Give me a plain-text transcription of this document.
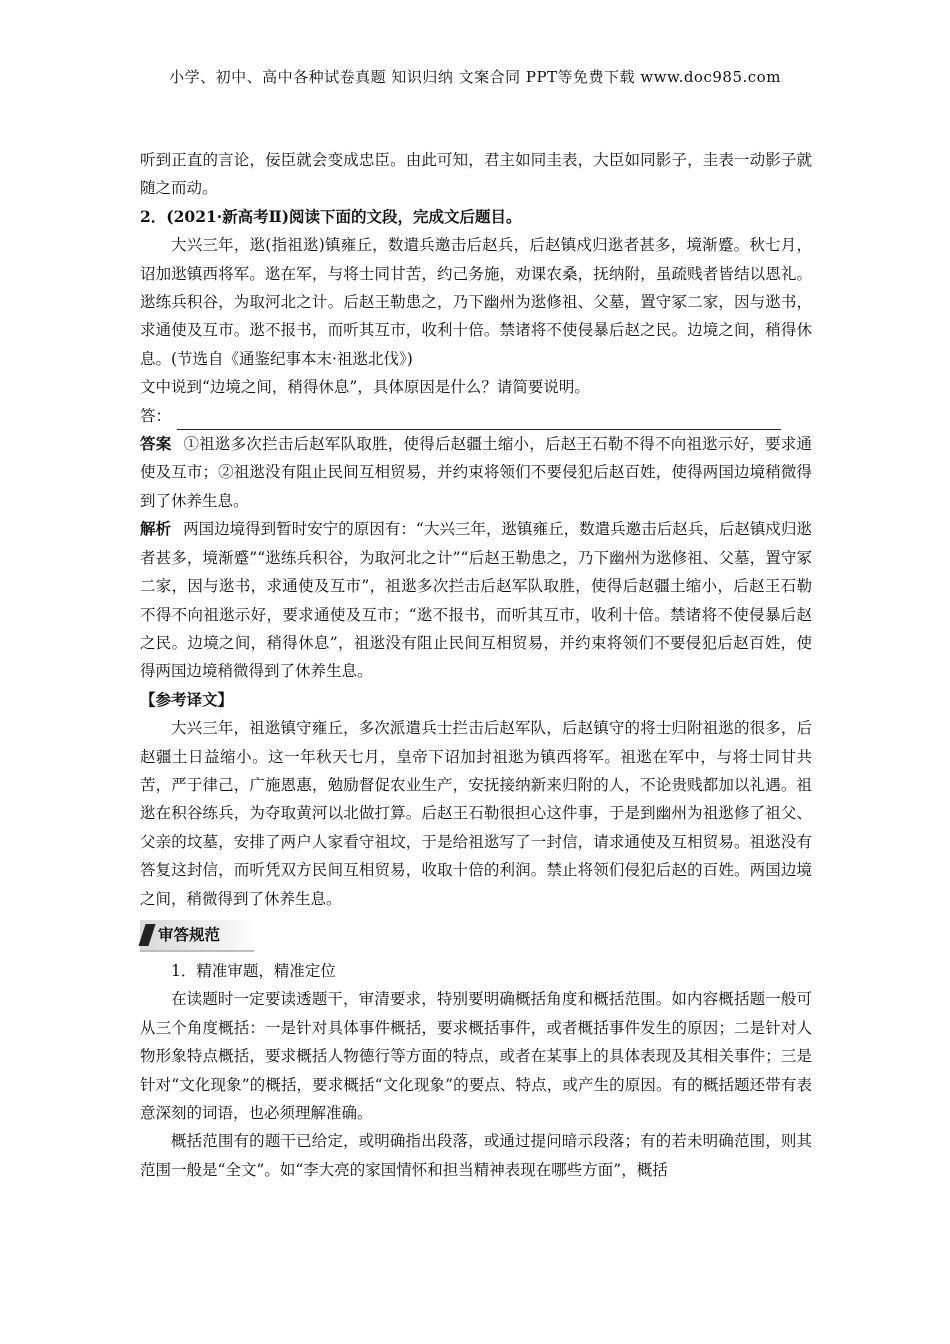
小学、初中、高中各种试卷真题 知识归纳 文案合同 PPT等免费下载 www.doc985.com

听到正直的言论，佞臣就会变成忠臣。由此可知，君主如同圭表，大臣如同影子，圭表一动影子就随之而动。

2．(2021·新高考Ⅱ)阅读下面的文段，完成文后题目。

大兴三年，逖(指祖逖)镇雍丘，数遣兵邀击后赵兵，后赵镇戍归逖者甚多，境渐蹙。秋七月，诏加逖镇西将军。逖在军，与将士同甘苦，约己务施，劝课农桑，抚纳附，虽疏贱者皆结以恩礼。逖练兵积谷，为取河北之计。后赵王勒患之，乃下幽州为逖修祖、父墓，置守冢二家，因与逖书，求通使及互市。逖不报书，而听其互市，收利十倍。禁诸将不使侵暴后赵之民。边境之间，稍得休息。(节选自《通鉴纪事本末·祖逖北伐》)

文中说到“边境之间，稍得休息”，具体原因是什么？请简要说明。

答：

答案 ①祖逖多次拦击后赵军队取胜，使得后赵疆土缩小，后赵王石勒不得不向祖逖示好，要求通使及互市；②祖逖没有阻止民间互相贸易，并约束将领们不要侵犯后赵百姓，使得两国边境稍微得到了休养生息。

解析 两国边境得到暂时安宁的原因有：“大兴三年，逖镇雍丘，数遣兵邀击后赵兵，后赵镇戍归逖者甚多，境渐蹙”“逖练兵积谷，为取河北之计”“后赵王勒患之，乃下幽州为逖修祖、父墓，置守冢二家，因与逖书，求通使及互市”，祖逖多次拦击后赵军队取胜，使得后赵疆土缩小，后赵王石勒不得不向祖逖示好，要求通使及互市；“逖不报书，而听其互市，收利十倍。禁诸将不使侵暴后赵之民。边境之间，稍得休息”，祖逖没有阻止民间互相贸易，并约束将领们不要侵犯后赵百姓，使得两国边境稍微得到了休养生息。

【参考译文】

大兴三年，祖逖镇守雍丘，多次派遣兵士拦击后赵军队，后赵镇守的将士归附祖逖的很多，后赵疆土日益缩小。这一年秋天七月，皇帝下诏加封祖逖为镇西将军。祖逖在军中，与将士同甘共苦，严于律己，广施恩惠，勉励督促农业生产，安抚接纳新来归附的人，不论贵贱都加以礼遇。祖逖在积谷练兵，为夺取黄河以北做打算。后赵王石勒很担心这件事，于是到幽州为祖逖修了祖父、父亲的坟墓，安排了两户人家看守祖坟，于是给祖逖写了一封信，请求通使及互相贸易。祖逖没有答复这封信，而听凭双方民间互相贸易，收取十倍的利润。禁止将领们侵犯后赵的百姓。两国边境之间，稍微得到了休养生息。

审答规范

1．精准审题，精准定位

在读题时一定要读透题干，审清要求，特别要明确概括角度和概括范围。如内容概括题一般可从三个角度概括：一是针对具体事件概括，要求概括事件，或者概括事件发生的原因；二是针对人物形象特点概括，要求概括人物德行等方面的特点，或者在某事上的具体表现及其相关事件；三是针对“文化现象”的概括，要求概括“文化现象”的要点、特点，或产生的原因。有的概括题还带有表意深刻的词语，也必须理解准确。

概括范围有的题干已给定，或明确指出段落，或通过提问暗示段落；有的若未明确范围，则其范围一般是“全文”。如“李大亮的家国情怀和担当精神表现在哪些方面”，概括
